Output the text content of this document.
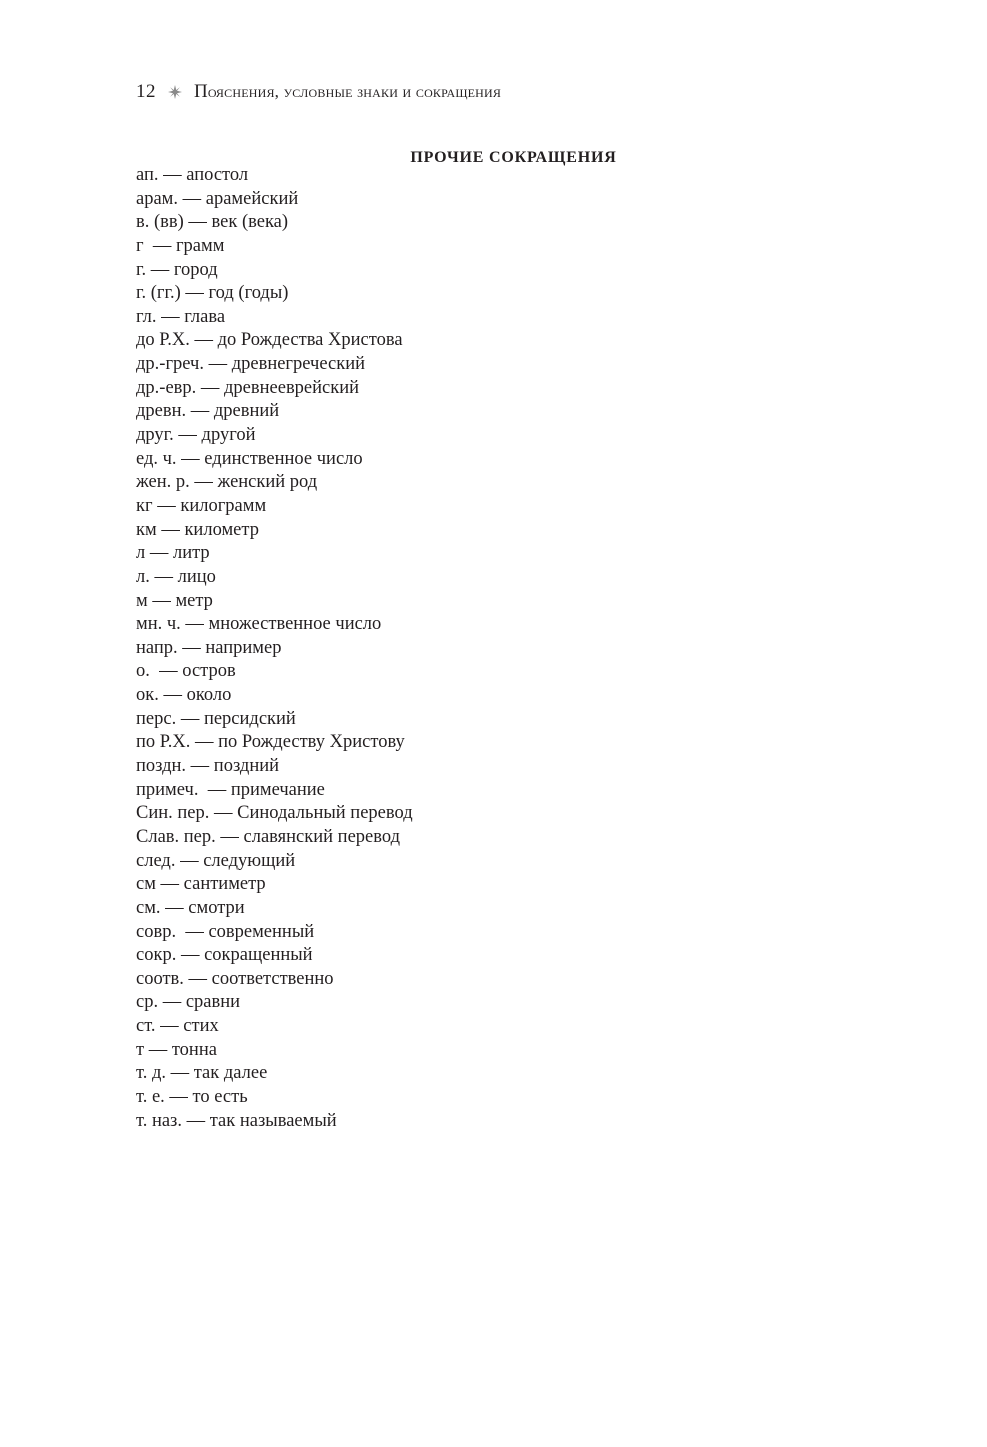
12 Пояснения, условные знаки и сокращения
ПРОЧИЕ СОКРАЩЕНИЯ
ап. — апостол
арам. — арамейский
в. (вв) — век (века)
г  — грамм
г. — город
г. (гг.) — год (годы)
гл. — глава
до Р.Х. — до Рождества Христова
др.-греч. — древнегреческий
др.-евр. — древнееврейский
древн. — древний
друг. — другой
ед. ч. — единственное число
жен. р. — женский род
кг — килограмм
км — километр
л — литр
л. — лицо
м — метр
мн. ч. — множественное число
напр. — например
о.  — остров
ок. — около
перс. — персидский
по Р.Х. — по Рождеству Христову
поздн. — поздний
примеч.  — примечание
Син. пер. — Синодальный перевод
Слав. пер. — славянский перевод
след. — следующий
см — сантиметр
см. — смотри
совр.  — современный
сокр. — сокращенный
соотв. — соответственно
ср. — сравни
ст. — стих
т — тонна
т. д. — так далее
т. е. — то есть
т. наз. — так называемый
